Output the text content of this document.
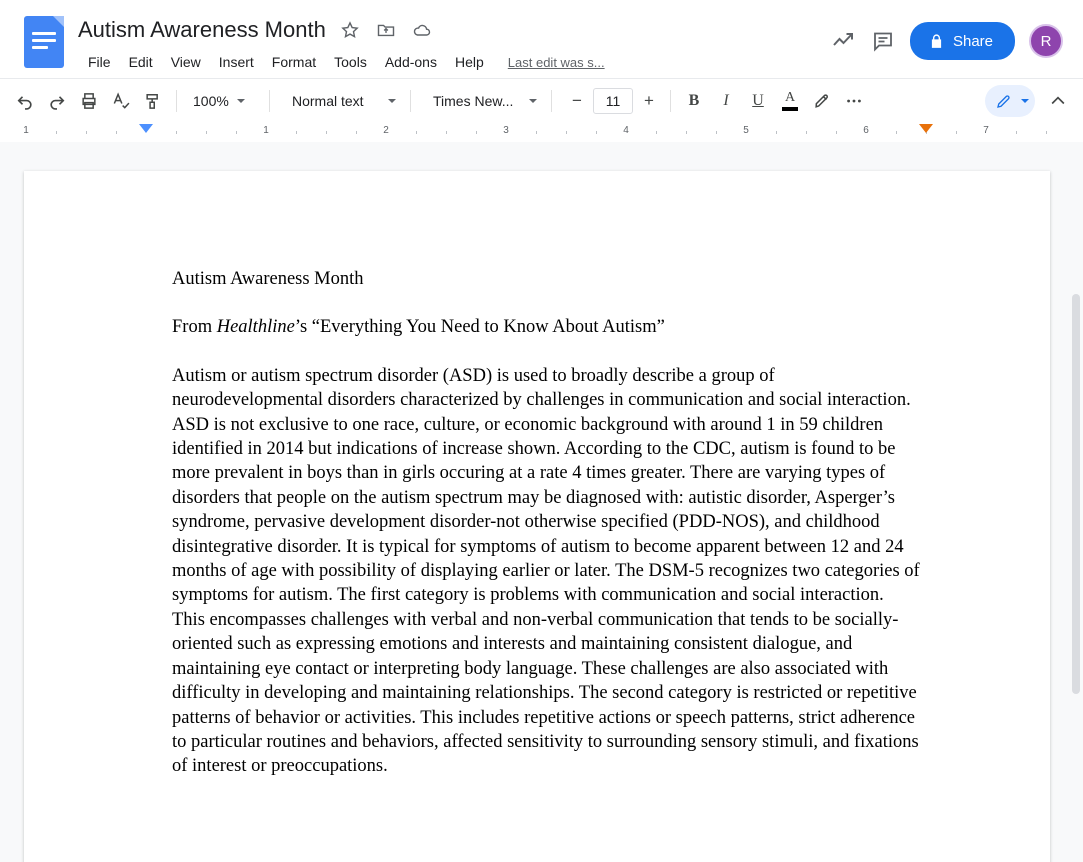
Autism Awareness Month
File	Edit	View	Insert	Format	Tools	Add-ons	Help	Last edit was s...
Share	R
100%	Normal text	Times New...	−	11	+	B	I	U	A
1	1	2	3	4	5	6	7

Autism Awareness Month

From Healthline’s “Everything You Need to Know About Autism”

Autism or autism spectrum disorder (ASD) is used to broadly describe a group of neurodevelopmental disorders characterized by challenges in communication and social interaction. ASD is not exclusive to one race, culture, or economic background with around 1 in 59 children identified in 2014 but indications of increase shown. According to the CDC, autism is found to be more prevalent in boys than in girls occuring at a rate 4 times greater. There are varying types of disorders that people on the autism spectrum may be diagnosed with: autistic disorder, Asperger’s syndrome, pervasive development disorder-not otherwise specified (PDD-NOS), and childhood disintegrative disorder. It is typical for symptoms of autism to become apparent between 12 and 24 months of age with possibility of displaying earlier or later. The DSM-5 recognizes two categories of symptoms for autism. The first category is problems with communication and social interaction. This encompasses challenges with verbal and non-verbal communication that tends to be socially-oriented such as expressing emotions and interests and maintaining consistent dialogue, and maintaining eye contact or interpreting body language. These challenges are also associated with difficulty in developing and maintaining relationships. The second category is restricted or repetitive patterns of behavior or activities. This includes repetitive actions or speech patterns, strict adherence to particular routines and behaviors, affected sensitivity to surrounding sensory stimuli, and fixations of interest or preoccupations.
